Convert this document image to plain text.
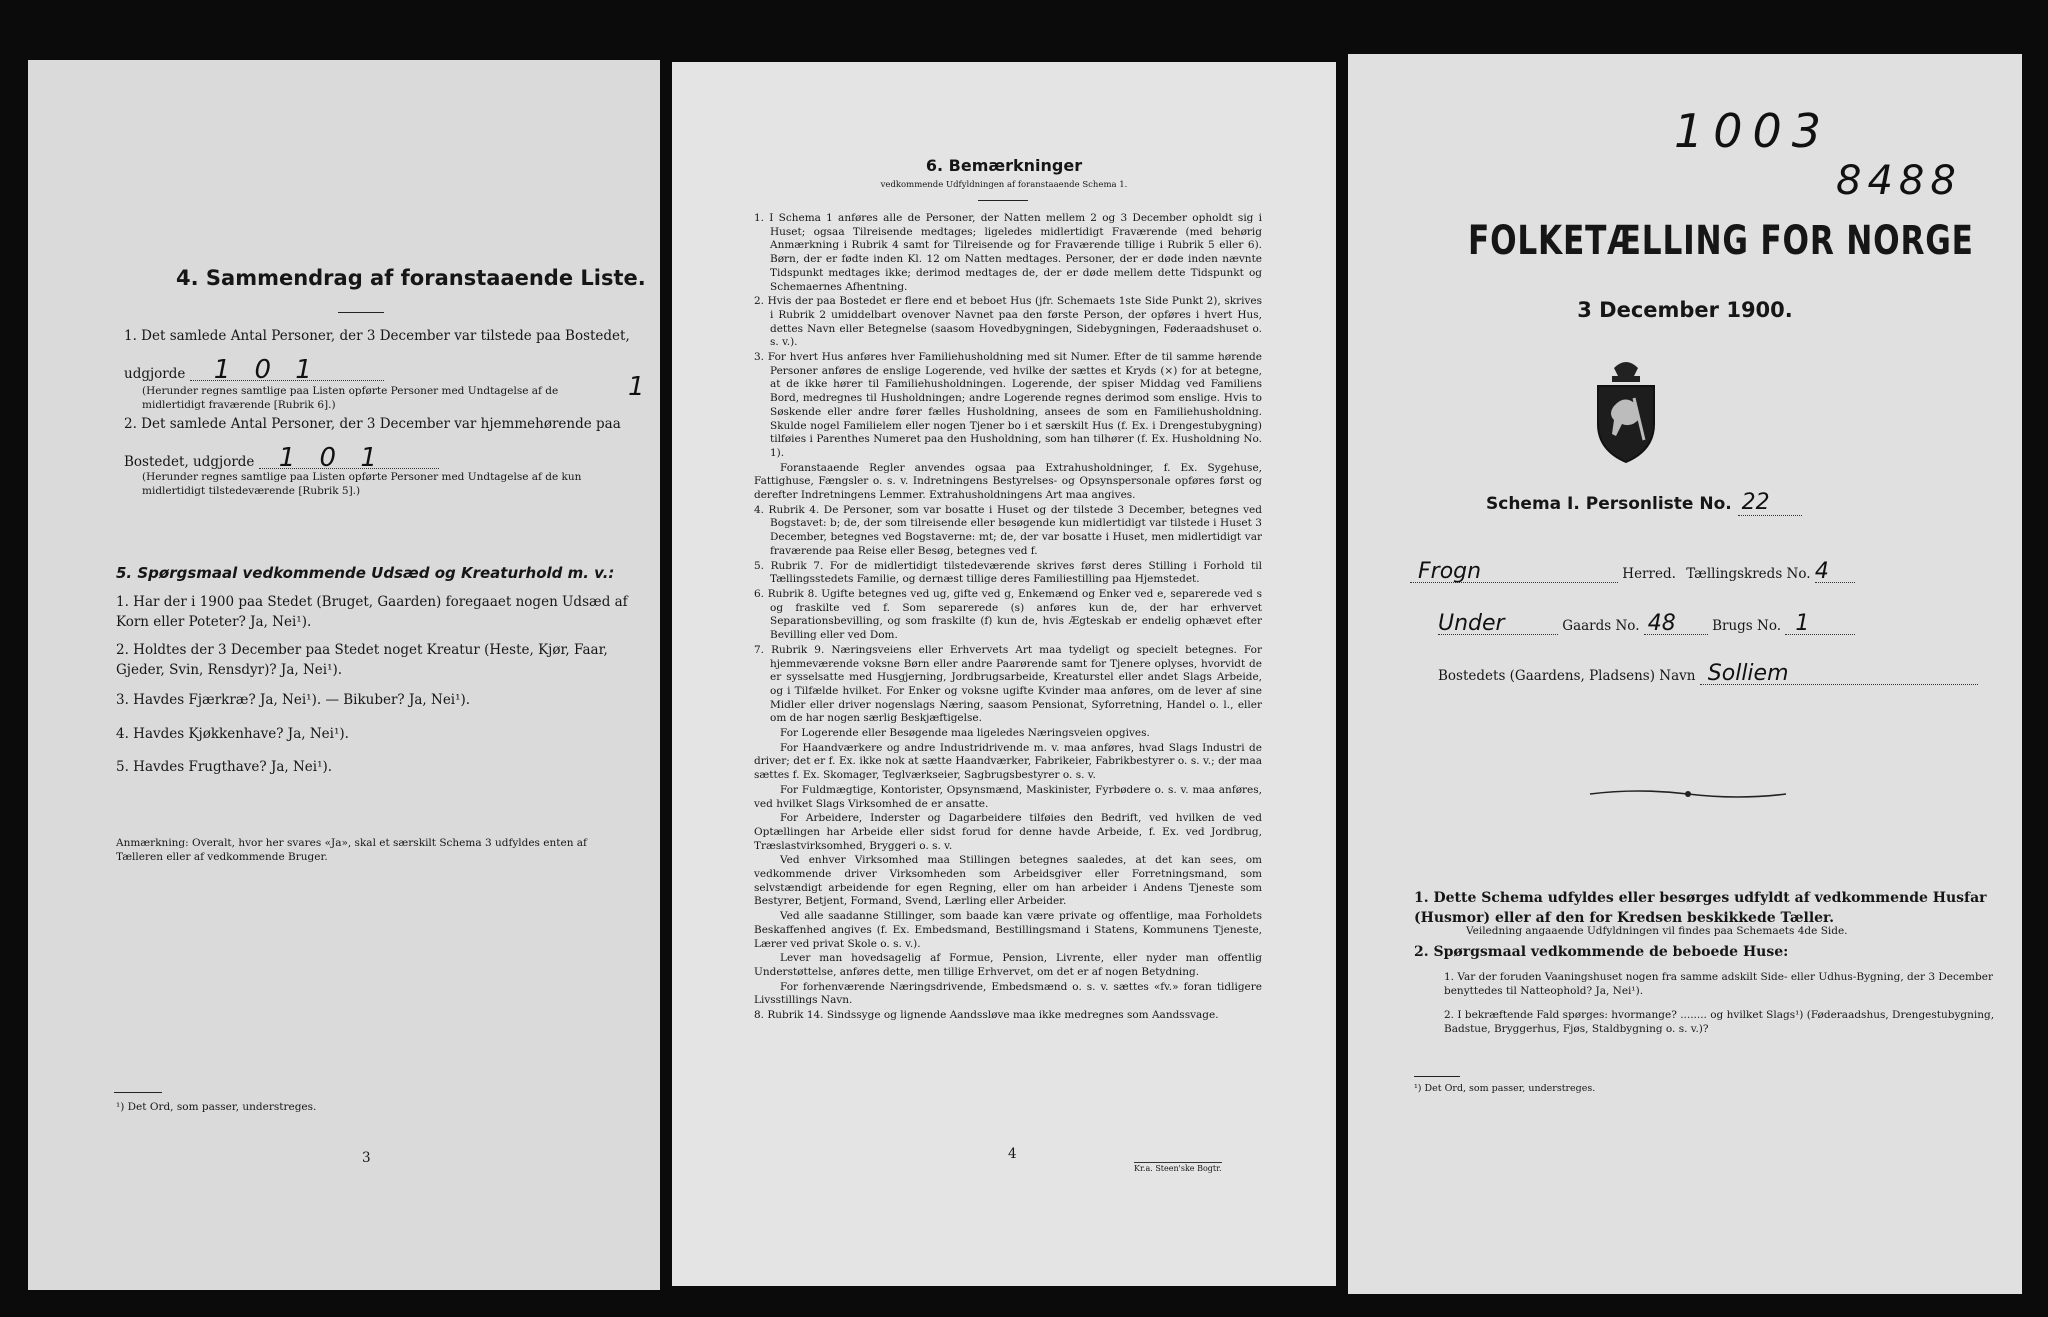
4. Sammendrag af foranstaaende Liste.
1. Det samlede Antal Personer, der 3 December var tilstede paa Bostedet,
udgjorde 1 0 1
(Herunder regnes samtlige paa Listen opførte Personer med Undtagelse af de midlertidigt fraværende [Rubrik 6].)
1
2. Det samlede Antal Personer, der 3 December var hjemmehørende paa
Bostedet, udgjorde 1 0 1
(Herunder regnes samtlige paa Listen opførte Personer med Undtagelse af de kun midlertidigt tilstedeværende [Rubrik 5].)
5. Spørgsmaal vedkommende Udsæd og Kreaturhold m. v.:
1. Har der i 1900 paa Stedet (Bruget, Gaarden) foregaaet nogen Udsæd af Korn eller Poteter? Ja, Nei¹).
2. Holdtes der 3 December paa Stedet noget Kreatur (Heste, Kjør, Faar, Gjeder, Svin, Rensdyr)? Ja, Nei¹).
3. Havdes Fjærkræ? Ja, Nei¹). — Bikuber? Ja, Nei¹).
4. Havdes Kjøkkenhave? Ja, Nei¹).
5. Havdes Frugthave? Ja, Nei¹).
Anmærkning: Overalt, hvor her svares «Ja», skal et særskilt Schema 3 udfyldes enten af Tælleren eller af vedkommende Bruger.
¹) Det Ord, som passer, understreges.
3
6. Bemærkninger
vedkommende Udfyldningen af foranstaaende Schema 1.

1. I Schema 1 anføres alle de Personer, der Natten mellem 2 og 3 December opholdt sig i Huset; ogsaa Tilreisende medtages; ligeledes midlertidigt Fraværende (med behørig Anmærkning i Rubrik 4 samt for Tilreisende og for Fraværende tillige i Rubrik 5 eller 6). Børn, der er fødte inden Kl. 12 om Natten medtages. Personer, der er døde inden nævnte Tidspunkt medtages ikke; derimod medtages de, der er døde mellem dette Tidspunkt og Schemaernes Afhentning.

2. Hvis der paa Bostedet er flere end et beboet Hus (jfr. Schemaets 1ste Side Punkt 2), skrives i Rubrik 2 umiddelbart ovenover Navnet paa den første Person, der opføres i hvert Hus, dettes Navn eller Betegnelse (saasom Hovedbygningen, Sidebygningen, Føderaadshuset o. s. v.).

3. For hvert Hus anføres hver Familiehusholdning med sit Numer. Efter de til samme hørende Personer anføres de enslige Logerende, ved hvilke der sættes et Kryds (×) for at betegne, at de ikke hører til Familiehusholdningen. Logerende, der spiser Middag ved Familiens Bord, medregnes til Husholdningen; andre Logerende regnes derimod som enslige. Hvis to Søskende eller andre fører fælles Husholdning, ansees de som en Familiehusholdning. Skulde nogel Familielem eller nogen Tjener bo i et særskilt Hus (f. Ex. i Drengestubygning) tilføies i Parenthes Numeret paa den Husholdning, som han tilhører (f. Ex. Husholdning No. 1).

Foranstaaende Regler anvendes ogsaa paa Extrahusholdninger, f. Ex. Sygehuse, Fattighuse, Fængsler o. s. v. Indretningens Bestyrelses- og Opsynspersonale opføres først og derefter Indretningens Lemmer. Extrahusholdningens Art maa angives.

4. Rubrik 4. De Personer, som var bosatte i Huset og der tilstede 3 December, betegnes ved Bogstavet: b; de, der som tilreisende eller besøgende kun midlertidigt var tilstede i Huset 3 December, betegnes ved Bogstaverne: mt; de, der var bosatte i Huset, men midlertidigt var fraværende paa Reise eller Besøg, betegnes ved f.

5. Rubrik 7. For de midlertidigt tilstedeværende skrives først deres Stilling i Forhold til Tællingsstedets Familie, og dernæst tillige deres Familiestilling paa Hjemstedet.

6. Rubrik 8. Ugifte betegnes ved ug, gifte ved g, Enkemænd og Enker ved e, separerede ved s og fraskilte ved f. Som separerede (s) anføres kun de, der har erhvervet Separationsbevilling, og som fraskilte (f) kun de, hvis Ægteskab er endelig ophævet efter Bevilling eller ved Dom.

7. Rubrik 9. Næringsveiens eller Erhvervets Art maa tydeligt og specielt betegnes. For hjemmeværende voksne Børn eller andre Paarørende samt for Tjenere oplyses, hvorvidt de er sysselsatte med Husgjerning, Jordbrugsarbeide, Kreaturstel eller andet Slags Arbeide, og i Tilfælde hvilket. For Enker og voksne ugifte Kvinder maa anføres, om de lever af sine Midler eller driver nogenslags Næring, saasom Pensionat, Syforretning, Handel o. l., eller om de har nogen særlig Beskjæftigelse.

For Logerende eller Besøgende maa ligeledes Næringsveien opgives.

For Haandværkere og andre Industridrivende m. v. maa anføres, hvad Slags Industri de driver; det er f. Ex. ikke nok at sætte Haandværker, Fabrikeier, Fabrikbestyrer o. s. v.; der maa sættes f. Ex. Skomager, Teglværkseier, Sagbrugsbestyrer o. s. v.

For Fuldmægtige, Kontorister, Opsynsmænd, Maskinister, Fyrbødere o. s. v. maa anføres, ved hvilket Slags Virksomhed de er ansatte.

For Arbeidere, Inderster og Dagarbeidere tilføies den Bedrift, ved hvilken de ved Optællingen har Arbeide eller sidst forud for denne havde Arbeide, f. Ex. ved Jordbrug, Træslastvirksomhed, Bryggeri o. s. v.

Ved enhver Virksomhed maa Stillingen betegnes saaledes, at det kan sees, om vedkommende driver Virksomheden som Arbeidsgiver eller Forretningsmand, som selvstændigt arbeidende for egen Regning, eller om han arbeider i Andens Tjeneste som Bestyrer, Betjent, Formand, Svend, Lærling eller Arbeider.

Ved alle saadanne Stillinger, som baade kan være private og offentlige, maa Forholdets Beskaffenhed angives (f. Ex. Embedsmand, Bestillingsmand i Statens, Kommunens Tjeneste, Lærer ved privat Skole o. s. v.).

Lever man hovedsagelig af Formue, Pension, Livrente, eller nyder man offentlig Understøttelse, anføres dette, men tillige Erhvervet, om det er af nogen Betydning.

For forhenværende Næringsdrivende, Embedsmænd o. s. v. sættes «fv.» foran tidligere Livsstillings Navn.

8. Rubrik 14. Sindssyge og lignende Aandssløve maa ikke medregnes som Aandssvage.

4
Kr.a. Steen'ske Bogtr.
1003
8488
FOLKETÆLLING FOR NORGE
3 December 1900.
Schema I. Personliste No. 22
Frogn	Herred. Tællingskreds No. 4
Under	Gaards No. 48	Brugs No. 1
Bostedets (Gaardens, Pladsens) Navn Solliem
1. Dette Schema udfyldes eller besørges udfyldt af vedkommende Husfar (Husmor) eller af den for Kredsen beskikkede Tæller.
Veiledning angaaende Udfyldningen vil findes paa Schemaets 4de Side.
2. Spørgsmaal vedkommende de beboede Huse:
1. Var der foruden Vaaningshuset nogen fra samme adskilt Side- eller Udhus-Bygning, der 3 December benyttedes til Natteophold? Ja, Nei¹).
2. I bekræftende Fald spørges: hvormange? ........ og hvilket Slags¹) (Føderaadshus, Drengestubygning, Badstue, Bryggerhus, Fjøs, Staldbygning o. s. v.)?
¹) Det Ord, som passer, understreges.
